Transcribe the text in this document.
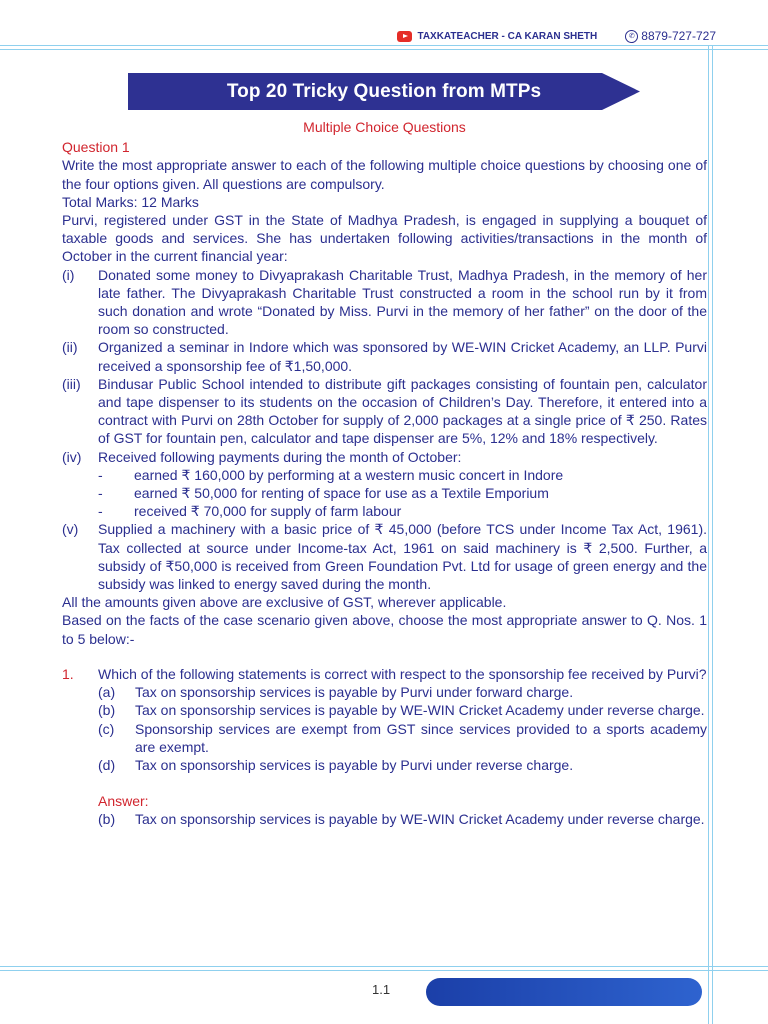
TAXKATEACHER - CA KARAN SHETH	✆ 8879-727-727
Top 20 Tricky Question from MTPs
Multiple Choice Questions
Question 1

Write the most appropriate answer to each of the following multiple choice questions by choosing one of the four options given. All questions are compulsory.

Total Marks: 12 Marks

Purvi, registered under GST in the State of Madhya Pradesh, is engaged in supplying a bouquet of taxable goods and services. She has undertaken following activities/transactions in the month of October in the current financial year:

(i)	Donated some money to Divyaprakash Charitable Trust, Madhya Pradesh, in the memory of her late father. The Divyaprakash Charitable Trust constructed a room in the school run by it from such donation and wrote “Donated by Miss. Purvi in the memory of her father” on the door of the room so constructed.
(ii)	Organized a seminar in Indore which was sponsored by WE-WIN Cricket Academy, an LLP. Purvi received a sponsorship fee of ₹1,50,000.
(iii)	Bindusar Public School intended to distribute gift packages consisting of fountain pen, calculator and tape dispenser to its students on the occasion of Children’s Day. Therefore, it entered into a contract with Purvi on 28th October for supply of 2,000 packages at a single price of ₹ 250. Rates of GST for fountain pen, calculator and tape dispenser are 5%, 12% and 18% respectively.
(iv)	Received following payments during the month of October:
-	earned ₹ 160,000 by performing at a western music concert in Indore
-	earned ₹ 50,000 for renting of space for use as a Textile Emporium
-	received ₹ 70,000 for supply of farm labour
(v)	Supplied a machinery with a basic price of ₹ 45,000 (before TCS under Income Tax Act, 1961). Tax collected at source under Income-tax Act, 1961 on said machinery is ₹ 2,500. Further, a subsidy of ₹50,000 is received from Green Foundation Pvt. Ltd for usage of green energy and the subsidy was linked to energy saved during the month.

All the amounts given above are exclusive of GST, wherever applicable.

Based on the facts of the case scenario given above, choose the most appropriate answer to Q. Nos. 1 to 5 below:-

1.	Which of the following statements is correct with respect to the sponsorship fee received by Purvi?

(a)	Tax on sponsorship services is payable by Purvi under forward charge.
(b)	Tax on sponsorship services is payable by WE-WIN Cricket Academy under reverse charge.
(c)	Sponsorship services are exempt from GST since services provided to a sports academy are exempt.
(d)	Tax on sponsorship services is payable by Purvi under reverse charge.
Answer:
(b)	Tax on sponsorship services is payable by WE-WIN Cricket Academy under reverse charge.
1.1
